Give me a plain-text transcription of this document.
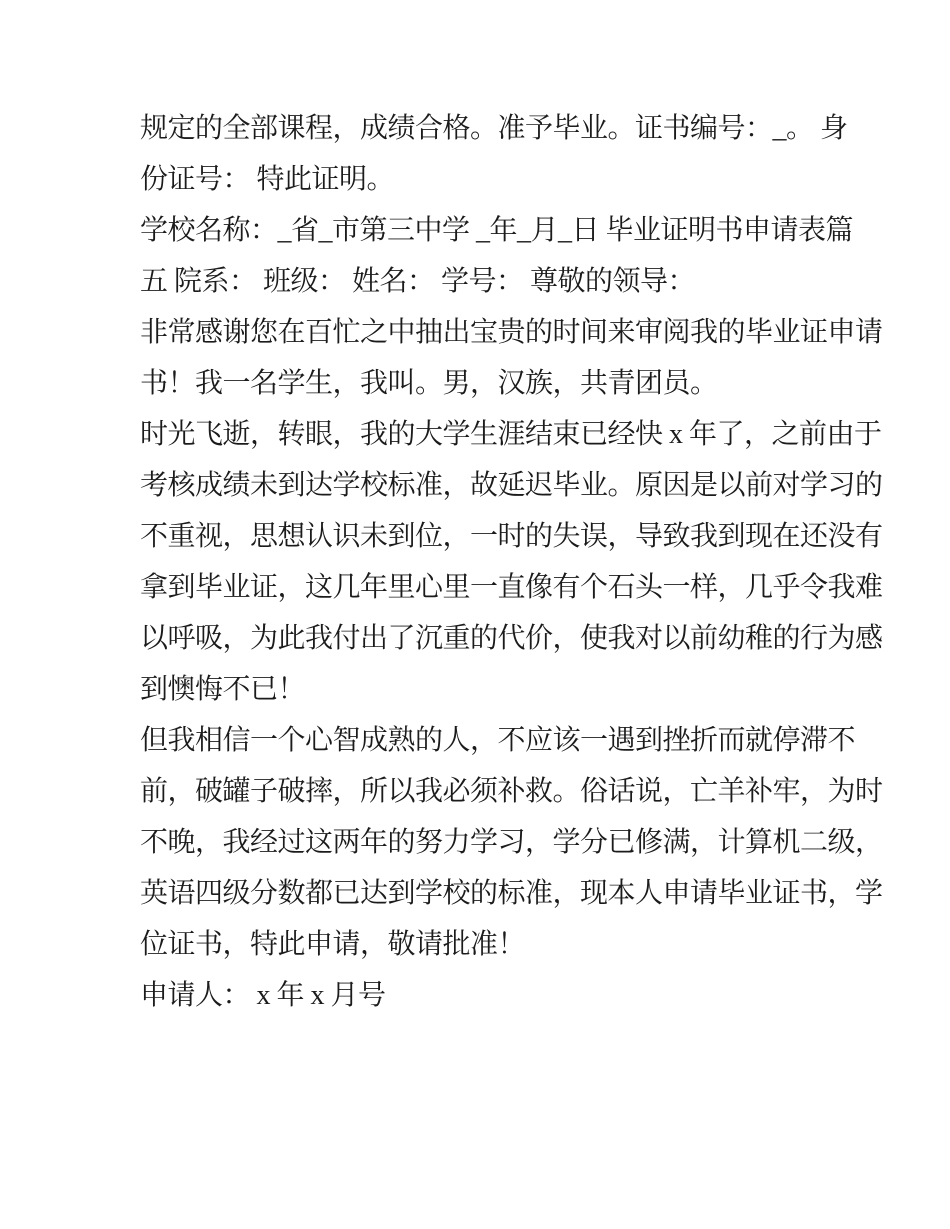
规定的全部课程，成绩合格。准予毕业。证书编号：_。 身
份证号： 特此证明。
学校名称：_省_市第三中学 _年_月_日 毕业证明书申请表篇
五 院系： 班级： 姓名： 学号： 尊敬的领导：
非常感谢您在百忙之中抽出宝贵的时间来审阅我的毕业证申请
书！我一名学生，我叫。男，汉族，共青团员。
时光飞逝，转眼，我的大学生涯结束已经快 x 年了，之前由于
考核成绩未到达学校标准，故延迟毕业。原因是以前对学习的
不重视，思想认识未到位，一时的失误，导致我到现在还没有
拿到毕业证，这几年里心里一直像有个石头一样，几乎令我难
以呼吸，为此我付出了沉重的代价，使我对以前幼稚的行为感
到懊悔不已！
但我相信一个心智成熟的人，不应该一遇到挫折而就停滞不
前，破罐子破摔，所以我必须补救。俗话说，亡羊补牢，为时
不晚，我经过这两年的努力学习，学分已修满，计算机二级，
英语四级分数都已达到学校的标准，现本人申请毕业证书，学
位证书，特此申请，敬请批准！
申请人： x 年 x 月号
